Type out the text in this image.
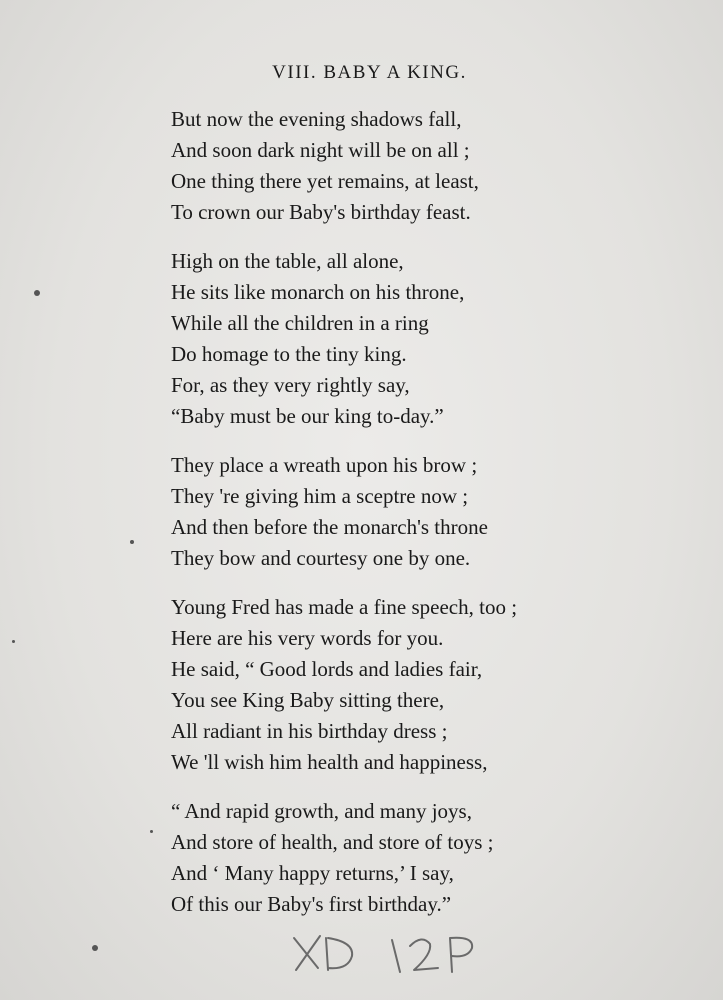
VIII. BABY A KING.
But now the evening shadows fall,
And soon dark night will be on all ;
One thing there yet remains, at least,
To crown our Baby's birthday feast.
High on the table, all alone,
He sits like monarch on his throne,
While all the children in a ring
Do homage to the tiny king.
For, as they very rightly say,
“Baby must be our king to-day.”
They place a wreath upon his brow ;
They 're giving him a sceptre now ;
And then before the monarch's throne
They bow and courtesy one by one.
Young Fred has made a fine speech, too ;
Here are his very words for you.
He said, “ Good lords and ladies fair,
You see King Baby sitting there,
All radiant in his birthday dress ;
We 'll wish him health and happiness,
“ And rapid growth, and many joys,
And store of health, and store of toys ;
And ‘ Many happy returns,’ I say,
Of this our Baby's first birthday.”
